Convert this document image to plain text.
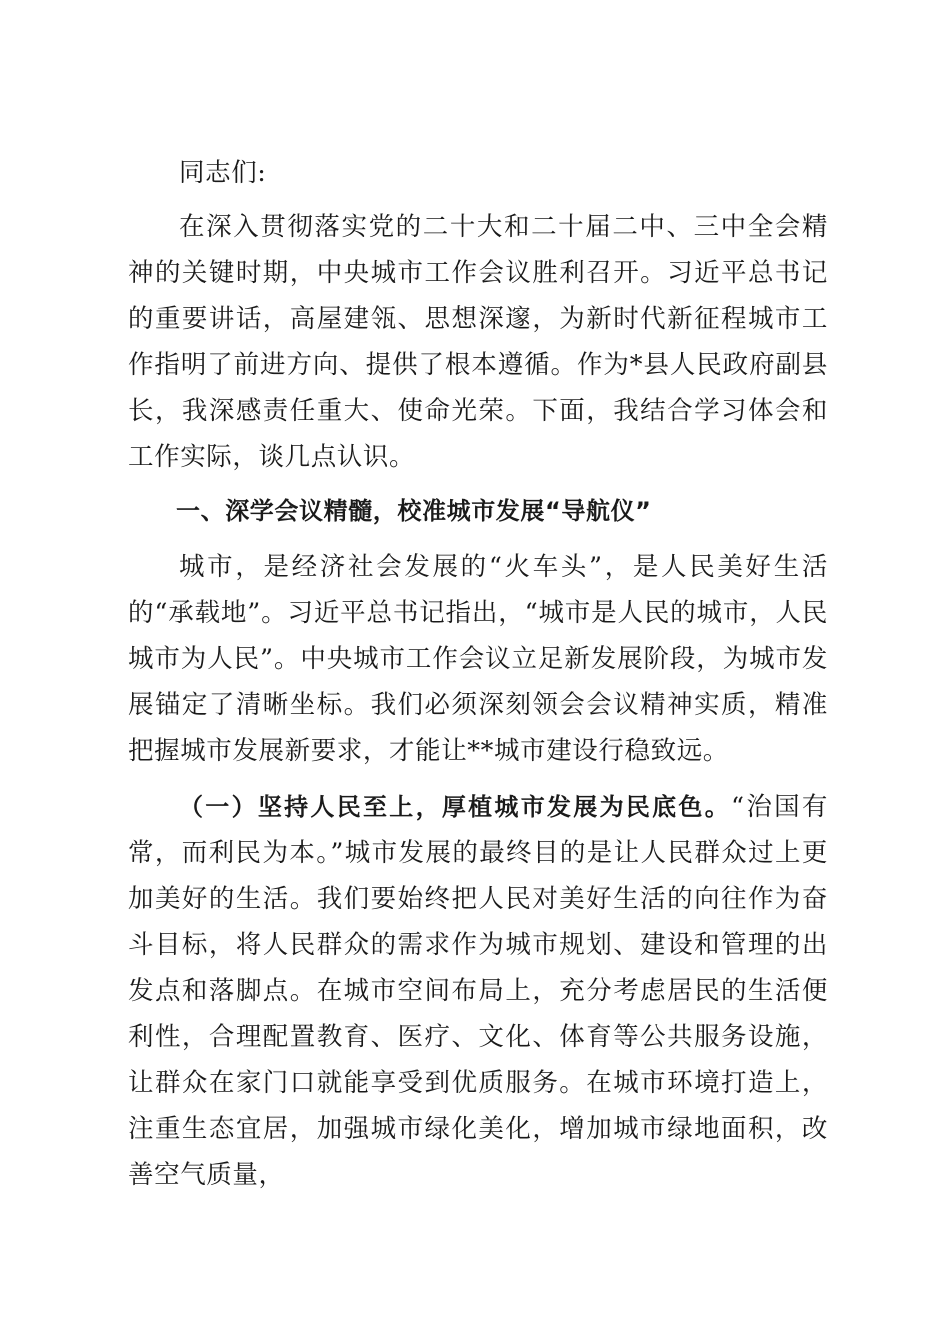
同志们:

在深入贯彻落实党的二十大和二十届二中、三中全会精神的关键时期，中央城市工作会议胜利召开。习近平总书记的重要讲话，高屋建瓴、思想深邃，为新时代新征程城市工作指明了前进方向、提供了根本遵循。作为*县人民政府副县长，我深感责任重大、使命光荣。下面，我结合学习体会和工作实际，谈几点认识。

一、深学会议精髓，校准城市发展“导航仪”

城市，是经济社会发展的“火车头”，是人民美好生活的“承载地”。习近平总书记指出，“城市是人民的城市，人民城市为人民”。中央城市工作会议立足新发展阶段，为城市发展锚定了清晰坐标。我们必须深刻领会会议精神实质，精准把握城市发展新要求，才能让**城市建设行稳致远。

（一）坚持人民至上，厚植城市发展为民底色。“治国有常，而利民为本。”城市发展的最终目的是让人民群众过上更加美好的生活。我们要始终把人民对美好生活的向往作为奋斗目标，将人民群众的需求作为城市规划、建设和管理的出发点和落脚点。在城市空间布局上，充分考虑居民的生活便利性，合理配置教育、医疗、文化、体育等公共服务设施，让群众在家门口就能享受到优质服务。在城市环境打造上，注重生态宜居，加强城市绿化美化，增加城市绿地面积，改善空气质量，
